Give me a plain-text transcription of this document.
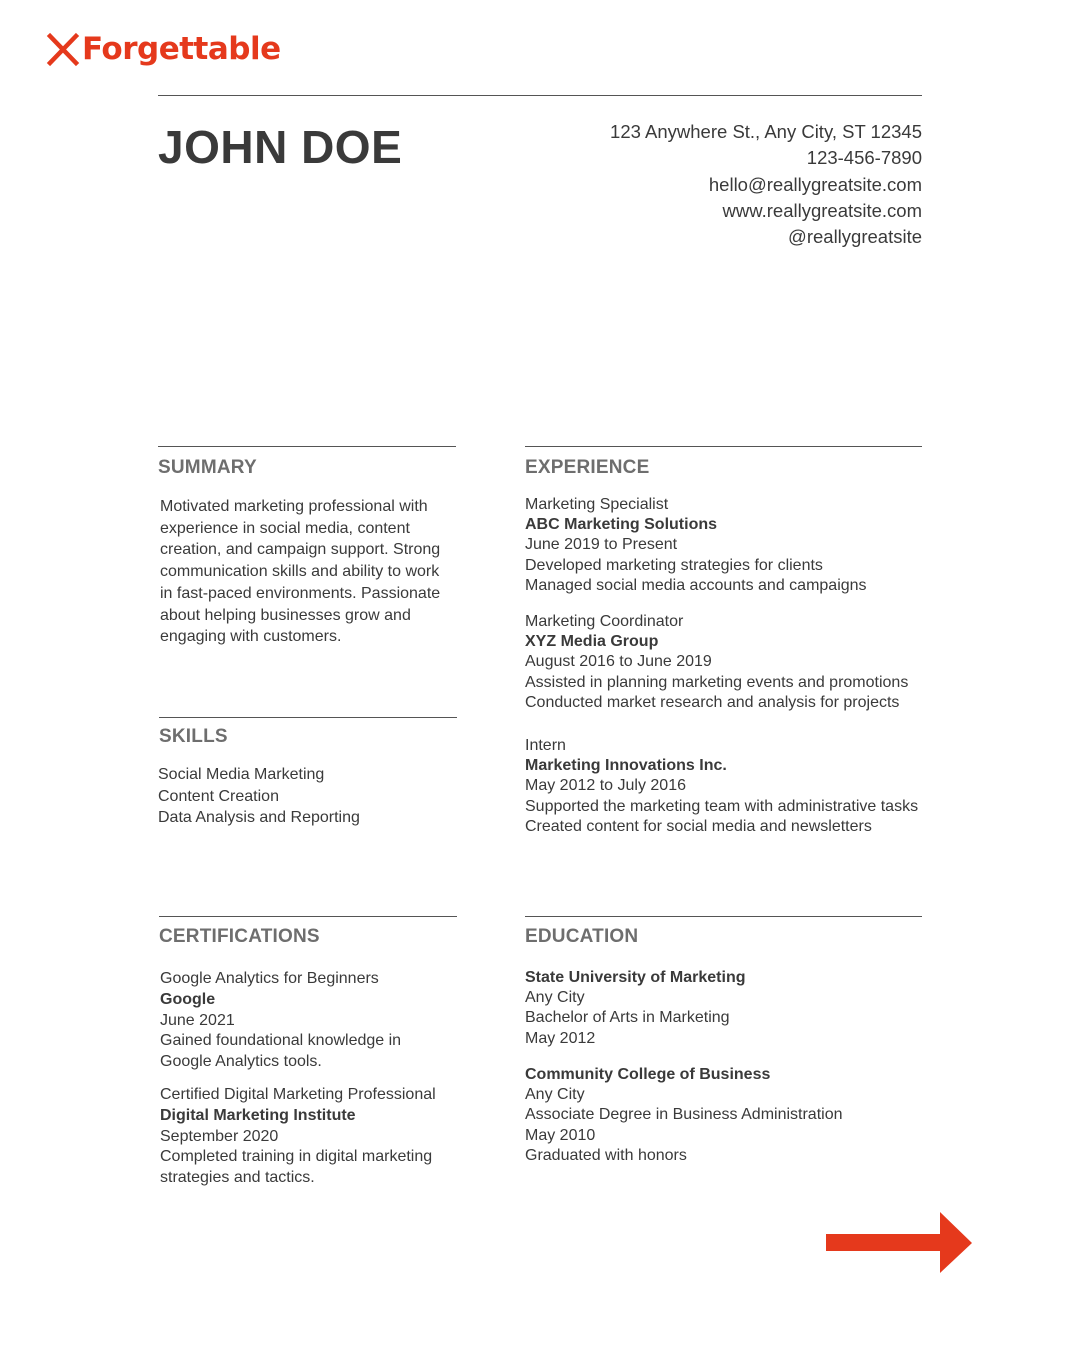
Forgettable
JOHN DOE	123 Anywhere St., Any City, ST 12345
123-456-7890
hello@reallygreatsite.com
www.reallygreatsite.com
@reallygreatsite
SUMMARY
Motivated marketing professional with
experience in social media, content
creation, and campaign support. Strong
communication skills and ability to work
in fast-paced environments. Passionate
about helping businesses grow and
engaging with customers.
SKILLS
Social Media Marketing
Content Creation
Data Analysis and Reporting
EXPERIENCE
Marketing Specialist
ABC Marketing Solutions
June 2019 to Present
Developed marketing strategies for clients
Managed social media accounts and campaigns
Marketing Coordinator
XYZ Media Group
August 2016 to June 2019
Assisted in planning marketing events and promotions
Conducted market research and analysis for projects
Intern
Marketing Innovations Inc.
May 2012 to July 2016
Supported the marketing team with administrative tasks
Created content for social media and newsletters
CERTIFICATIONS
Google Analytics for Beginners
Google
June 2021
Gained foundational knowledge in
Google Analytics tools.
Certified Digital Marketing Professional
Digital Marketing Institute
September 2020
Completed training in digital marketing
strategies and tactics.
EDUCATION
State University of Marketing
Any City
Bachelor of Arts in Marketing
May 2012
Community College of Business
Any City
Associate Degree in Business Administration
May 2010
Graduated with honors
